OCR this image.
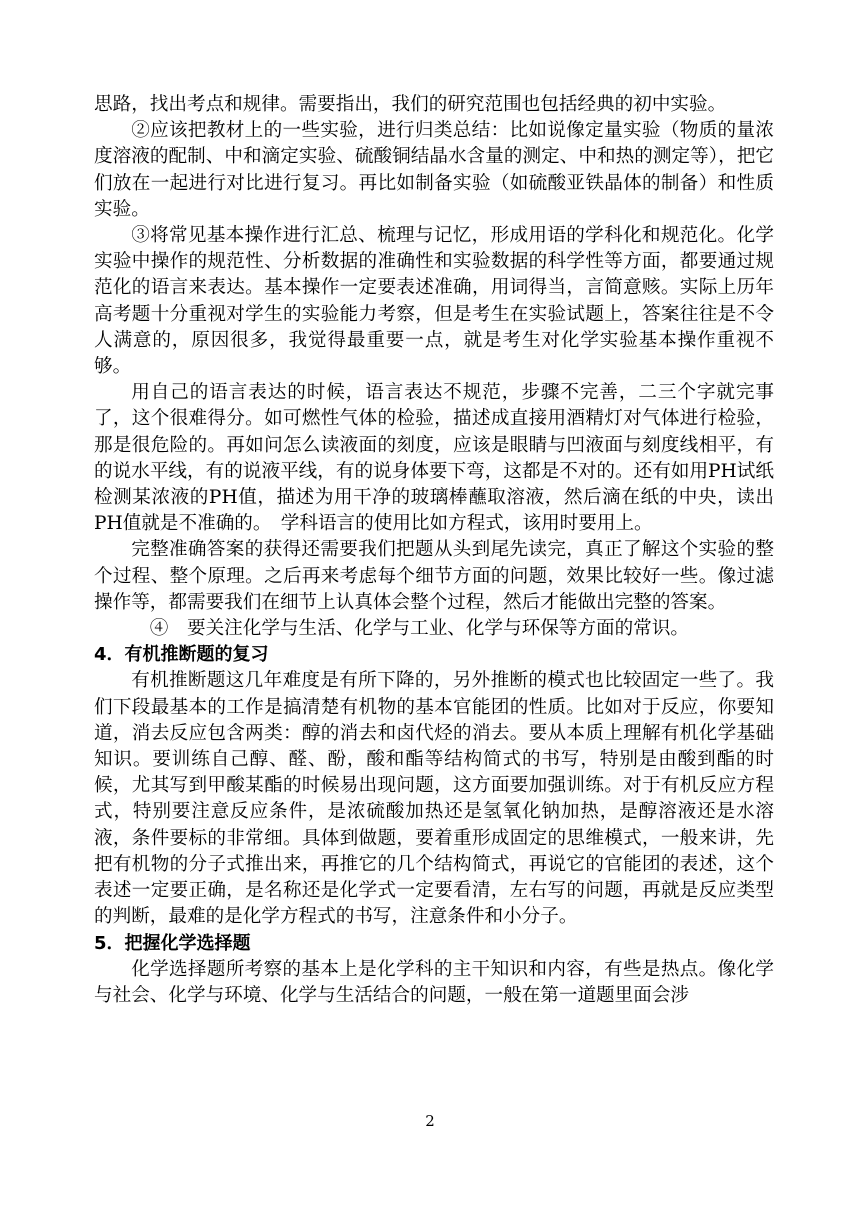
思路，找出考点和规律。需要指出，我们的研究范围也包括经典的初中实验。

②应该把教材上的一些实验，进行归类总结：比如说像定量实验（物质的量浓度溶液的配制、中和滴定实验、硫酸铜结晶水含量的测定、中和热的测定等），把它们放在一起进行对比进行复习。再比如制备实验（如硫酸亚铁晶体的制备）和性质实验。

③将常见基本操作进行汇总、梳理与记忆，形成用语的学科化和规范化。化学实验中操作的规范性、分析数据的准确性和实验数据的科学性等方面，都要通过规范化的语言来表达。基本操作一定要表述准确，用词得当，言简意赅。实际上历年高考题十分重视对学生的实验能力考察，但是考生在实验试题上，答案往往是不令人满意的，原因很多，我觉得最重要一点，就是考生对化学实验基本操作重视不够。

用自己的语言表达的时候，语言表达不规范，步骤不完善，二三个字就完事了，这个很难得分。如可燃性气体的检验，描述成直接用酒精灯对气体进行检验，那是很危险的。再如问怎么读液面的刻度，应该是眼睛与凹液面与刻度线相平，有的说水平线，有的说液平线，有的说身体要下弯，这都是不对的。还有如用PH试纸检测某浓液的PH值，描述为用干净的玻璃棒蘸取溶液，然后滴在纸的中央，读出PH值就是不准确的。　学科语言的使用比如方程式，该用时要用上。

完整准确答案的获得还需要我们把题从头到尾先读完，真正了解这个实验的整个过程、整个原理。之后再来考虑每个细节方面的问题，效果比较好一些。像过滤操作等，都需要我们在细节上认真体会整个过程，然后才能做出完整的答案。

④　要关注化学与生活、化学与工业、化学与环保等方面的常识。

4．有机推断题的复习

有机推断题这几年难度是有所下降的，另外推断的模式也比较固定一些了。我们下段最基本的工作是搞清楚有机物的基本官能团的性质。比如对于反应，你要知道，消去反应包含两类：醇的消去和卤代烃的消去。要从本质上理解有机化学基础知识。要训练自己醇、醛、酚，酸和酯等结构简式的书写，特别是由酸到酯的时候，尤其写到甲酸某酯的时候易出现问题，这方面要加强训练。对于有机反应方程式，特别要注意反应条件，是浓硫酸加热还是氢氧化钠加热，是醇溶液还是水溶液，条件要标的非常细。具体到做题，要着重形成固定的思维模式，一般来讲，先把有机物的分子式推出来，再推它的几个结构简式，再说它的官能团的表述，这个表述一定要正确，是名称还是化学式一定要看清，左右写的问题，再就是反应类型的判断，最难的是化学方程式的书写，注意条件和小分子。

5．把握化学选择题

化学选择题所考察的基本上是化学科的主干知识和内容，有些是热点。像化学与社会、化学与环境、化学与生活结合的问题，一般在第一道题里面会涉

2
